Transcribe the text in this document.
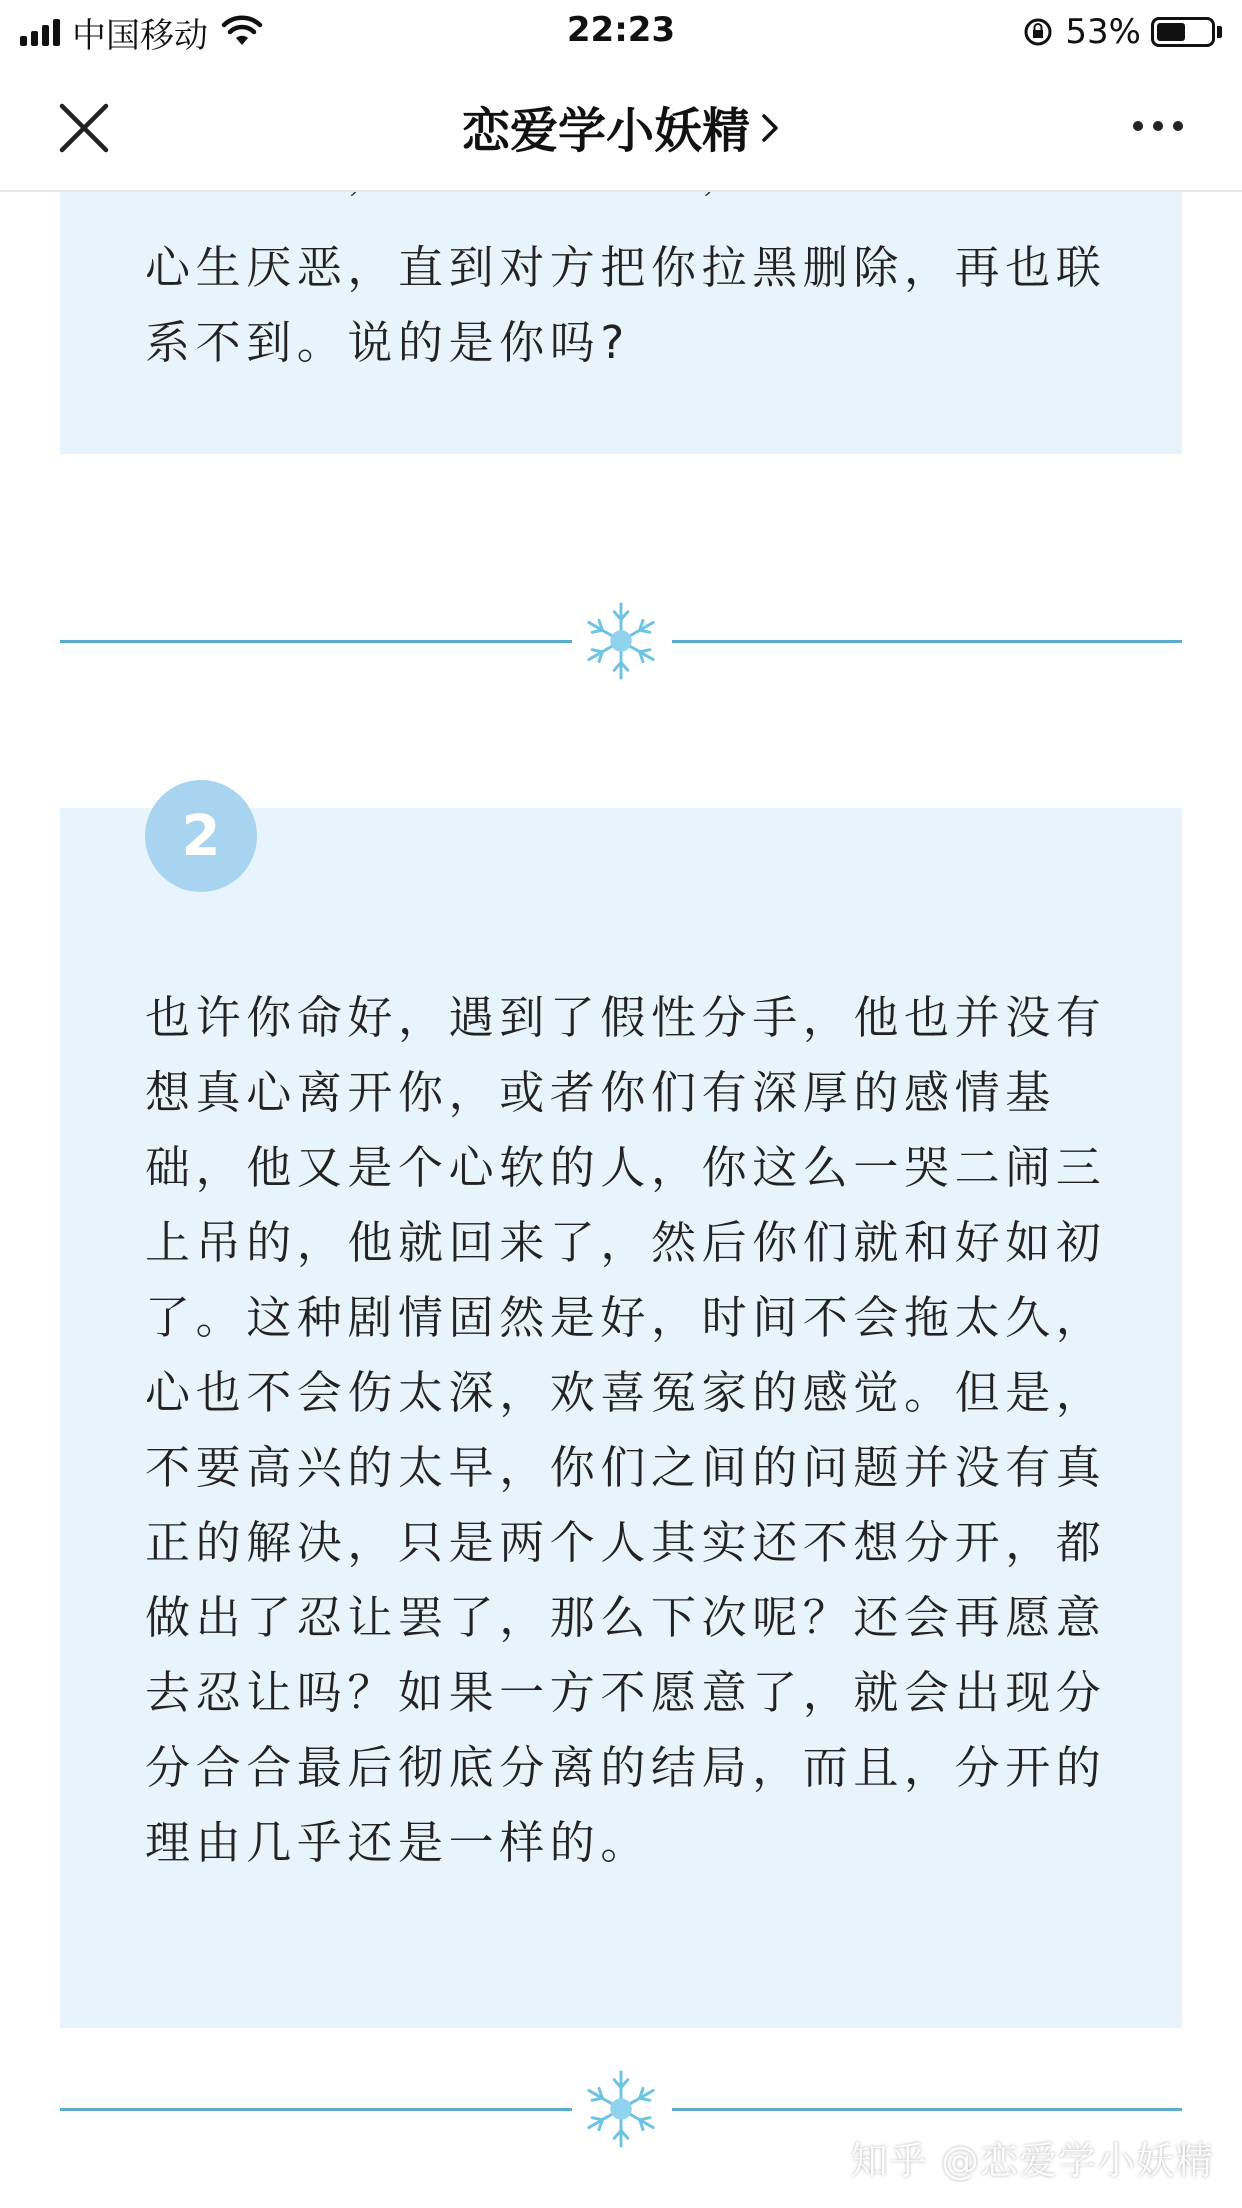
中国移动	22:23	53%
恋爱学小妖精
心生厌恶，直到对方把你拉黑删除，再也联系不到。说的是你吗?
2
也许你命好，遇到了假性分手，他也并没有想真心离开你，或者你们有深厚的感情基础，他又是个心软的人，你这么一哭二闹三上吊的，他就回来了，然后你们就和好如初了。这种剧情固然是好，时间不会拖太久，心也不会伤太深，欢喜冤家的感觉。但是，不要高兴的太早，你们之间的问题并没有真正的解决，只是两个人其实还不想分开，都做出了忍让罢了，那么下次呢？还会再愿意去忍让吗？如果一方不愿意了，就会出现分分合合最后彻底分离的结局，而且，分开的理由几乎还是一样的。
知乎 @恋爱学小妖精
